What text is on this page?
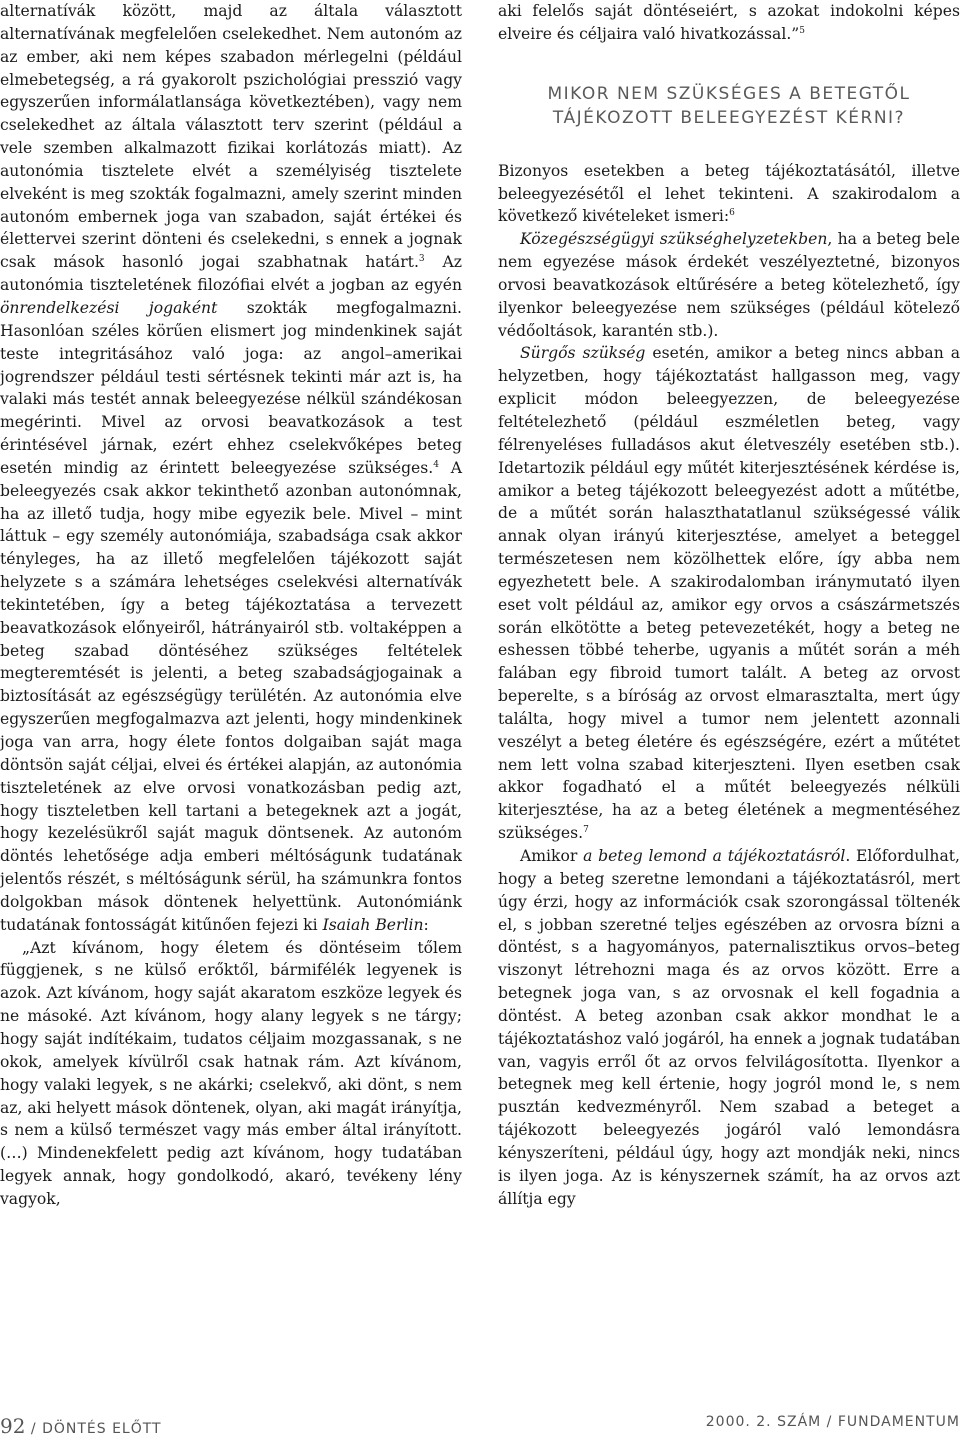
alternatívák között, majd az általa választott alternatívának megfelelően cselekedhet. Nem autonóm az az ember, aki nem képes szabadon mérlegelni (például elmebetegség, a rá gyakorolt pszichológiai presszió vagy egyszerűen informálatlansága következtében), vagy nem cselekedhet az általa választott terv szerint (például a vele szemben alkalmazott fizikai korlátozás miatt). Az autonómia tisztelete elvét a személyiség tisztelete elveként is meg szokták fogalmazni, amely szerint minden autonóm embernek joga van szabadon, saját értékei és élettervei szerint dönteni és cselekedni, s ennek a jognak csak mások hasonló jogai szabhatnak határt.$^3$ Az autonómia tiszteletének filozófiai elvét a jogban az egyén önrendelkezési jogaként szokták megfogalmazni. Hasonlóan széles körűen elismert jog mindenkinek saját teste integritásához való joga: az angol–amerikai jogrendszer például testi sértésnek tekinti már azt is, ha valaki más testét annak beleegyezése nélkül szándékosan megérinti. Mivel az orvosi beavatkozások a test érintésével járnak, ezért ehhez cselekvőképes beteg esetén mindig az érintett beleegyezése szükséges.$^4$ A beleegyezés csak akkor tekinthető azonban autonómnak, ha az illető tudja, hogy mibe egyezik bele. Mivel – mint láttuk – egy személy autonómiája, szabadsága csak akkor tényleges, ha az illető megfelelően tájékozott saját helyzete s a számára lehetséges cselekvési alternatívák tekintetében, így a beteg tájékoztatása a tervezett beavatkozások előnyeiről, hátrányairól stb. voltaképpen a beteg szabad döntéséhez szükséges feltételek megteremtését is jelenti, a beteg szabadságjogainak a biztosítását az egészségügy terülétén. Az autonómia elve egyszerűen megfogalmazva azt jelenti, hogy mindenkinek joga van arra, hogy élete fontos dolgaiban saját maga döntsön saját céljai, elvei és értékei alapján, az autonómia tiszteletének az elve orvosi vonatkozásban pedig azt, hogy tiszteletben kell tartani a betegeknek azt a jogát, hogy kezelésükről saját maguk döntsenek. Az autonóm döntés lehetősége adja emberi méltóságunk tudatának jelentős részét, s méltóságunk sérül, ha számunkra fontos dolgokban mások döntenek helyettünk. Autonómiánk tudatának fontosságát kitűnően fejezi ki Isaiah Berlin:

„Azt kívánom, hogy életem és döntéseim tőlem függjenek, s ne külső erőktől, bármifélék legyenek is azok. Azt kívánom, hogy saját akaratom eszköze legyek és ne másoké. Azt kívánom, hogy alany legyek s ne tárgy; hogy saját indítékaim, tudatos céljaim mozgassanak, s ne okok, amelyek kívülről csak hatnak rám. Azt kívánom, hogy valaki legyek, s ne akárki; cselekvő, aki dönt, s nem az, aki helyett mások döntenek, olyan, aki magát irányítja, s nem a külső természet vagy más ember által irányított. (…) Mindenekfelett pedig azt kívánom, hogy tudatában legyek annak, hogy gondolkodó, akaró, tevékeny lény vagyok,

aki felelős saját döntéseiért, s azokat indokolni képes elveire és céljaira való hivatkozással.”$^5$

MIKOR NEM SZÜKSÉGES A BETEGTŐL TÁJÉKOZOTT BELEEGYEZÉST KÉRNI?

Bizonyos esetekben a beteg tájékoztatásától, illetve beleegyezésétől el lehet tekinteni. A szakirodalom a következő kivételeket ismeri:$^6$

Közegészségügyi szükséghelyzetekben, ha a beteg bele nem egyezése mások érdekét veszélyeztetné, bizonyos orvosi beavatkozások eltűrésére a beteg kötelezhető, így ilyenkor beleegyezése nem szükséges (például kötelező védőoltások, karantén stb.).

Sürgős szükség esetén, amikor a beteg nincs abban a helyzetben, hogy tájékoztatást hallgasson meg, vagy explicit módon beleegyezzen, de beleegyezése feltételezhető (például eszméletlen beteg, vagy félrenyeléses fulladásos akut életveszély esetében stb.). Idetartozik például egy műtét kiterjesztésének kérdése is, amikor a beteg tájékozott beleegyezést adott a műtétbe, de a műtét során halaszthatatlanul szükségessé válik annak olyan irányú kiterjesztése, amelyet a beteggel természetesen nem közölhettek előre, így abba nem egyezhetett bele. A szakirodalomban iránymutató ilyen eset volt például az, amikor egy orvos a császármetszés során elkötötte a beteg petevezetékét, hogy a beteg ne eshessen többé teherbe, ugyanis a műtét során a méh falában egy fibroid tumort talált. A beteg az orvost beperelte, s a bíróság az orvost elmarasztalta, mert úgy találta, hogy mivel a tumor nem jelentett azonnali veszélyt a beteg életére és egészségére, ezért a műtétet nem lett volna szabad kiterjeszteni. Ilyen esetben csak akkor fogadható el a műtét beleegyezés nélküli kiterjesztése, ha az a beteg életének a megmentéséhez szükséges.$^7$

Amikor a beteg lemond a tájékoztatásról. Előfordulhat, hogy a beteg szeretne lemondani a tájékoztatásról, mert úgy érzi, hogy az információk csak szorongással töltenék el, s jobban szeretné teljes egészében az orvosra bízni a döntést, s a hagyományos, paternalisztikus orvos–beteg viszonyt létrehozni maga és az orvos között. Erre a betegnek joga van, s az orvosnak el kell fogadnia a döntést. A beteg azonban csak akkor mondhat le a tájékoztatáshoz való jogáról, ha ennek a jognak tudatában van, vagyis erről őt az orvos felvilágosította. Ilyenkor a betegnek meg kell értenie, hogy jogról mond le, s nem pusztán kedvezményről. Nem szabad a beteget a tájékozott beleegyezés jogáról való lemondásra kényszeríteni, például úgy, hogy azt mondják neki, nincs is ilyen joga. Az is kényszernek számít, ha az orvos azt állítja egy

92 / DÖNTÉS ELŐTT	2000. 2. SZÁM / FUNDAMENTUM
